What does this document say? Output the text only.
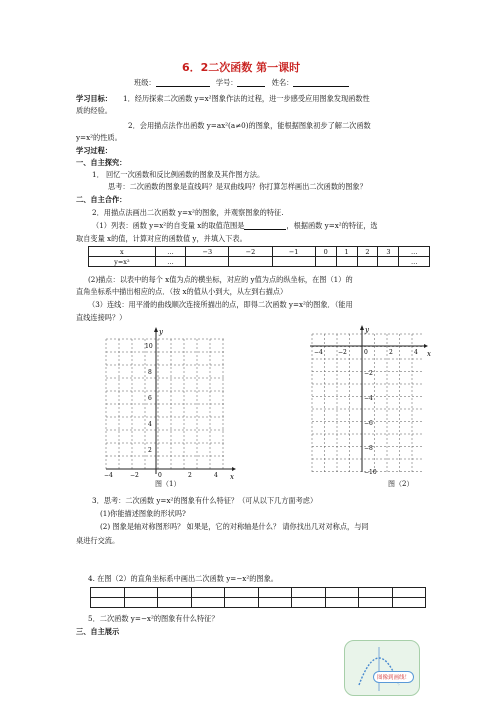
6．2二次函数 第一课时
班级：	学号：	姓名：
学习目标： 1．经历探索二次函数 y=x²图象作法的过程，进一步感受应用图象发现函数性
质的经验。
2．会用描点法作出函数 y=ax²(a≠0)的图象，能根据图象初步了解二次函数
y=x²的性质。
学习过程：
一、自主探究：
1． 回忆一次函数和反比例函数的图象及其作图方法。
思考：二次函数的图象是直线吗？是双曲线吗？你打算怎样画出二次函数的图象？
二、自主合作：
2．用描点法画出二次函数 y=x²的图象，并观察图象的特征.
（1）列表：函数 y=x²的自变量 x的取值范围是	，根据函数 y=x²的特征，选
取自变量 x的值，计算对应的函数值 y，并填入下表。
x	…	−3	−2	−1	0	1	2	3	…
y=x²	…								…
(2)描点：以表中的每个 x值为点的横坐标，对应的 y值为点的纵坐标，在图（1）的
直角坐标系中描出相应的点．（按 x的值从小到大，从左到右描点）
（3）连线：用平滑的曲线顺次连接所描出的点，即得二次函数 y=x²的图象．（能用
直线连接吗？）
y
x
10
8
6
4
2
−4	−2	0	2	4
图（1）
y
x
−4	−2	0	2	4
−2
−4
−6
−8
−10
图（2）
3．思考：二次函数 y=x²的图象有什么特征？（可从以下几方面考虑）
(1)你能描述图象的形状吗?
(2) 图象是轴对称图形吗？ 如果是，它的对称轴是什么？ 请你找出几对对称点，与同
桌进行交流。
4. 在图（2）的直角坐标系中画出二次函数 y=−x²的图象。

5．二次函数 y=−x²的图象有什么特征？
三、自主展示
图像到画线！
